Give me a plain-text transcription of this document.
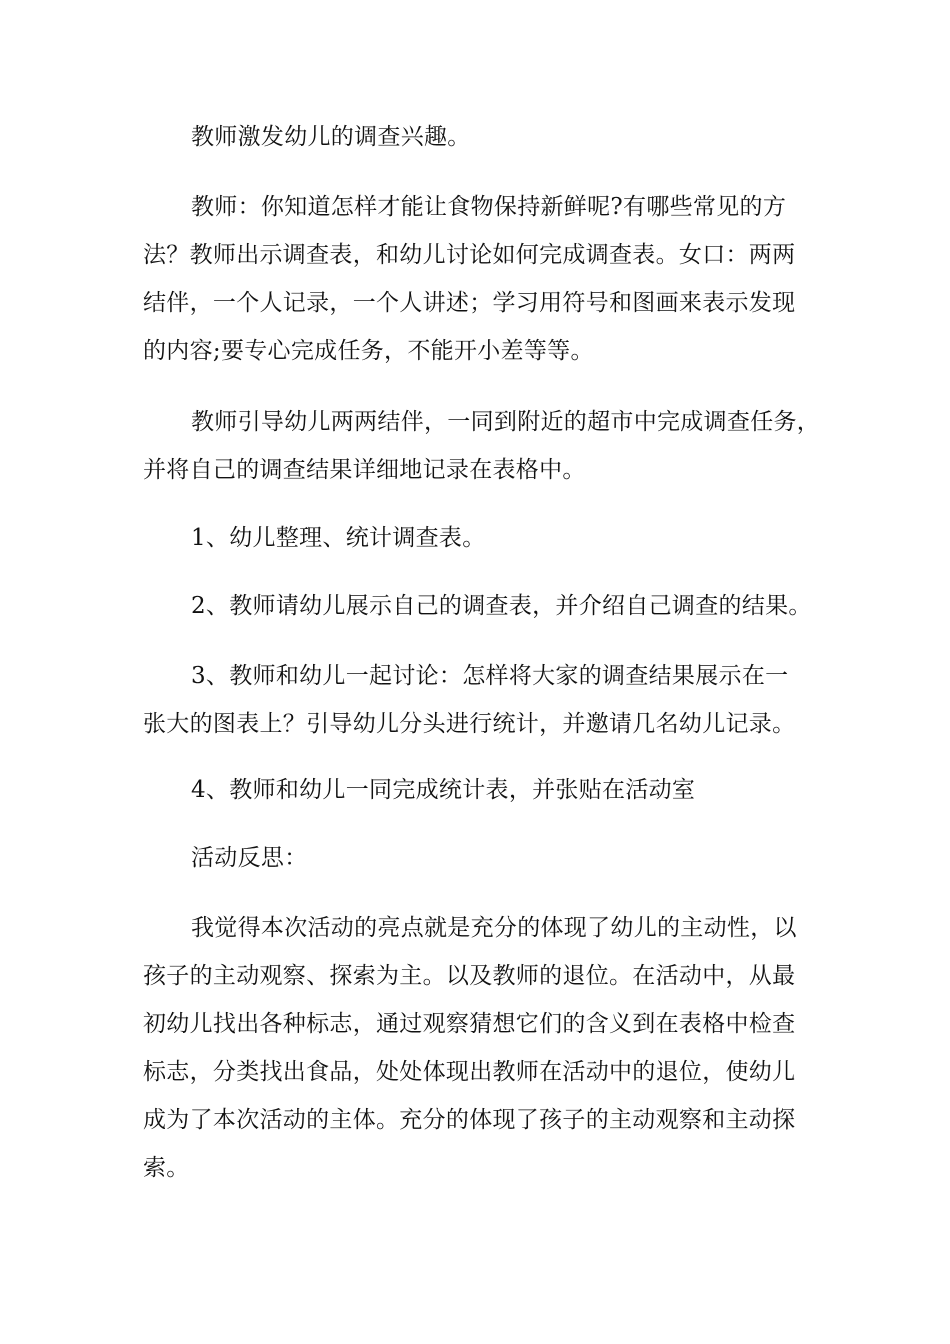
教师激发幼儿的调查兴趣。
教师：你知道怎样才能让食物保持新鲜呢?有哪些常见的方
法？教师出示调查表，和幼儿讨论如何完成调查表。女口：两两
结伴，一个人记录，一个人讲述；学习用符号和图画来表示发现
的内容;要专心完成任务，不能开小差等等。
教师引导幼儿两两结伴，一同到附近的超市中完成调查任务，
并将自己的调查结果详细地记录在表格中。
1、幼儿整理、统计调查表。
2、教师请幼儿展示自己的调查表，并介绍自己调查的结果。
3、教师和幼儿一起讨论：怎样将大家的调查结果展示在一
张大的图表上？引导幼儿分头进行统计，并邀请几名幼儿记录。
4、教师和幼儿一同完成统计表，并张贴在活动室
活动反思：
我觉得本次活动的亮点就是充分的体现了幼儿的主动性，以
孩子的主动观察、探索为主。以及教师的退位。在活动中，从最
初幼儿找出各种标志，通过观察猜想它们的含义到在表格中检查
标志，分类找出食品，处处体现出教师在活动中的退位，使幼儿
成为了本次活动的主体。充分的体现了孩子的主动观察和主动探
索。
